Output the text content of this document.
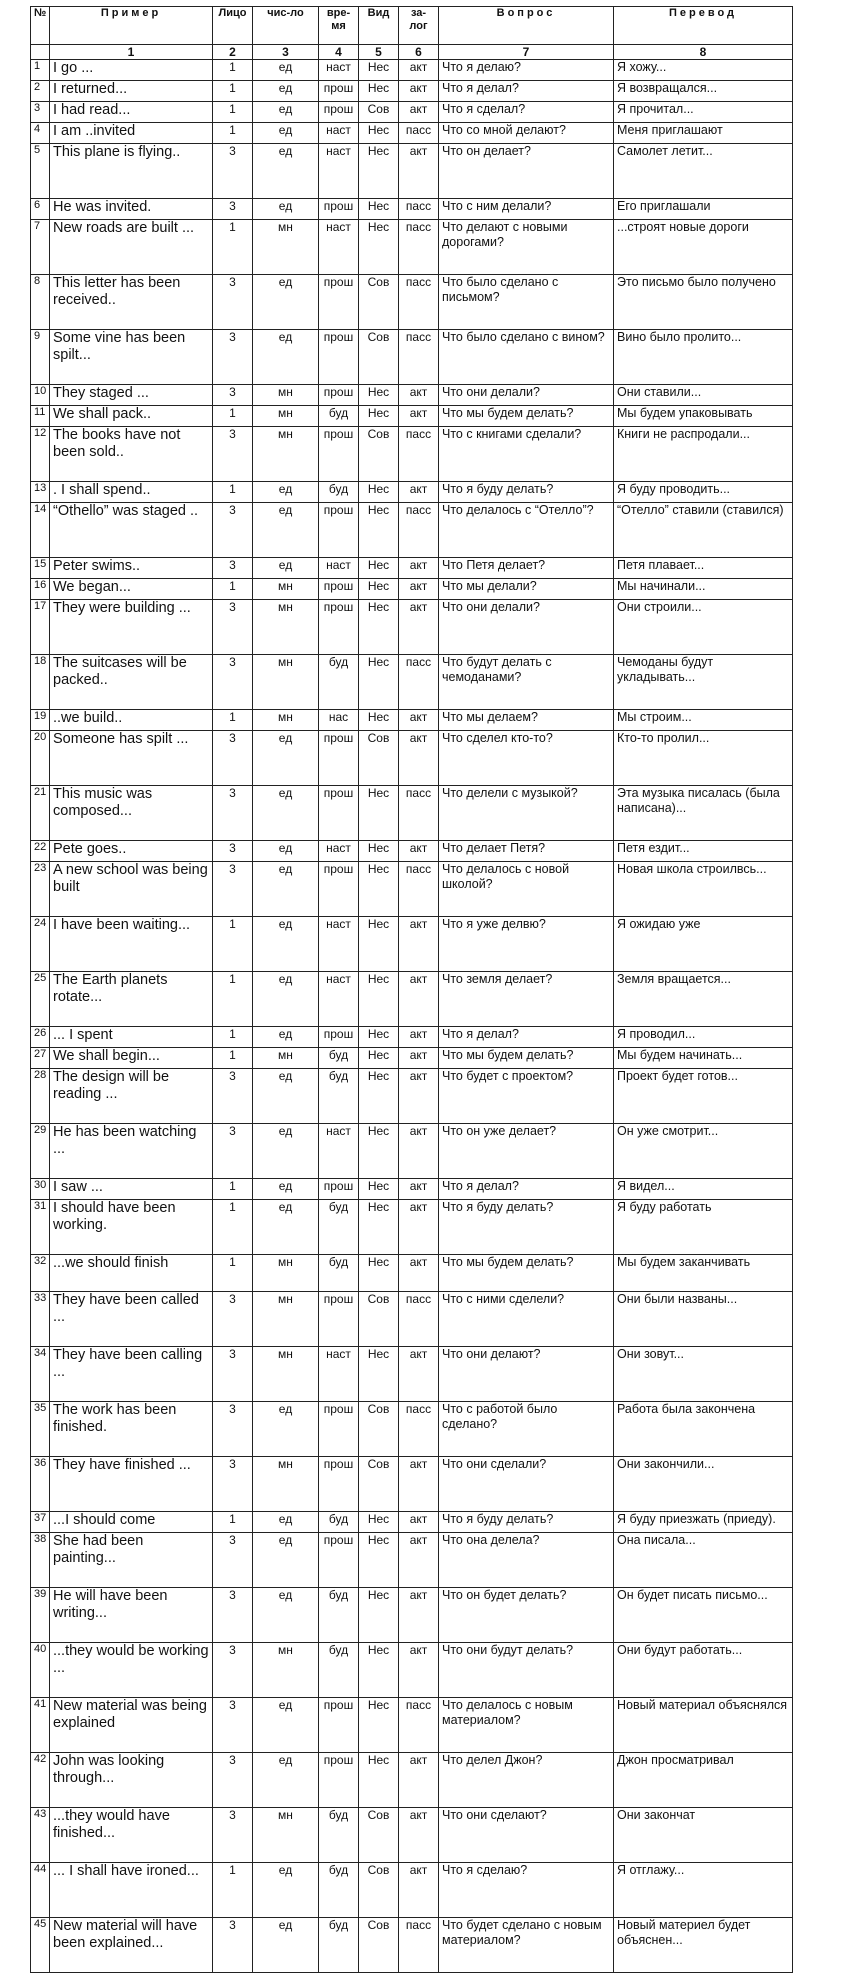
№	Пример	Лицо	чис-ло	вре-мя	Вид	за-лог	Вопрос	Перевод
	1	2	3	4	5	6	7	8
1	I go ...	1	ед	наст	Нес	акт	Что я делаю?	Я хожу...
2	I returned...	1	ед	прош	Нес	акт	Что я делал?	Я возвращался...
3	I had read...	1	ед	прош	Сов	акт	Что я сделал?	Я прочитал...
4	I am ..invited	1	ед	наст	Нес	пасс	Что со мной делают?	Меня приглашают
5	This plane is flying..	3	ед	наст	Нес	акт	Что он делает?	Самолет летит...
6	He was invited.	3	ед	прош	Нес	пасс	Что с ним делали?	Его приглашали
7	New roads are built ...	1	мн	наст	Нес	пасс	Что делают с новыми дорогами?	...строят новые дороги
8	This letter has been received..	3	ед	прош	Сов	пасс	Что было сделано с письмом?	Это письмо было получено
9	Some vine has been spilt...	3	ед	прош	Сов	пасс	Что было сделано с вином?	Вино было пролито...
10	They staged ...	3	мн	прош	Нес	акт	Что они делали?	Они ставили...
11	We shall pack..	1	мн	буд	Нес	акт	Что мы будем делать?	Мы будем упаковывать
12	The books have not been sold..	3	мн	прош	Сов	пасс	Что с книгами сделали?	Книги не распродали...
13	. I shall spend..	1	ед	буд	Нес	акт	Что я буду делать?	Я буду проводить...
14	“Othello” was staged ..	3	ед	прош	Нес	пасс	Что делалось с “Отелло”?	“Отелло” ставили (ставился)
15	Peter swims..	3	ед	наст	Нес	акт	Что Петя делает?	Петя плавает...
16	We began...	1	мн	прош	Нес	акт	Что мы делали?	Мы начинали...
17	They were building ...	3	мн	прош	Нес	акт	Что они делали?	Они строили...
18	The suitcases will be packed..	3	мн	буд	Нес	пасс	Что будут делать с чемоданами?	Чемоданы будут укладывать...
19	..we build..	1	мн	нас	Нес	акт	Что мы делаем?	Мы строим...
20	Someone has spilt ...	3	ед	прош	Сов	акт	Что сделел кто-то?	Кто-то пролил...
21	This music was composed...	3	ед	прош	Нес	пасс	Что делели с музыкой?	Эта музыка писалась (была написана)...
22	Pete goes..	3	ед	наст	Нес	акт	Что делает Петя?	Петя ездит...
23	A new school was being built	3	ед	прош	Нес	пасс	Что делалось с новой школой?	Новая школа строилвсь...
24	I have been waiting...	1	ед	наст	Нес	акт	Что я уже делвю?	Я ожидаю уже
25	The Earth planets rotate...	1	ед	наст	Нес	акт	Что земля делает?	Земля вращается...
26	... I spent	1	ед	прош	Нес	акт	Что я делал?	Я проводил...
27	We shall begin...	1	мн	буд	Нес	акт	Что мы будем делать?	Мы будем начинать...
28	The design will be reading ...	3	ед	буд	Нес	акт	Что будет с проектом?	Проект будет готов...
29	He has been watching ...	3	ед	наст	Нес	акт	Что он уже делает?	Он уже смотрит...
30	I saw ...	1	ед	прош	Нес	акт	Что я делал?	Я видел...
31	I should have been working.	1	ед	буд	Нес	акт	Что я буду делать?	Я буду работать
32	...we should finish	1	мн	буд	Нес	акт	Что мы будем делать?	Мы будем заканчивать
33	They have been called ...	3	мн	прош	Сов	пасс	Что с ними сделели?	Они были названы...
34	They have been calling ...	3	мн	наст	Нес	акт	Что они делают?	Они зовут...
35	The work has been finished.	3	ед	прош	Сов	пасс	Что с работой было сделано?	Работа была закончена
36	They have finished ...	3	мн	прош	Сов	акт	Что они сделали?	Они закончили...
37	...I should come	1	ед	буд	Нес	акт	Что я буду делать?	Я буду приезжать (приеду).
38	She had been painting...	3	ед	прош	Нес	акт	Что она делела?	Она писала...
39	He will have been writing...	3	ед	буд	Нес	акт	Что он будет делать?	Он будет писать письмо...
40	...they would be working ...	3	мн	буд	Нес	акт	Что они будут делать?	Они будут работать...
41	New material was being explained	3	ед	прош	Нес	пасс	Что делалось с новым материалом?	Новый материал объяснялся
42	John was looking through...	3	ед	прош	Нес	акт	Что делел Джон?	Джон просматривал
43	...they would have finished...	3	мн	буд	Сов	акт	Что они сделают?	Они закончат
44	... I shall have ironed...	1	ед	буд	Сов	акт	Что я сделаю?	Я отглажу...
45	New material will have been explained...	3	ед	буд	Сов	пасс	Что будет сделано с новым материалом?	Новый материел будет объяснен...
